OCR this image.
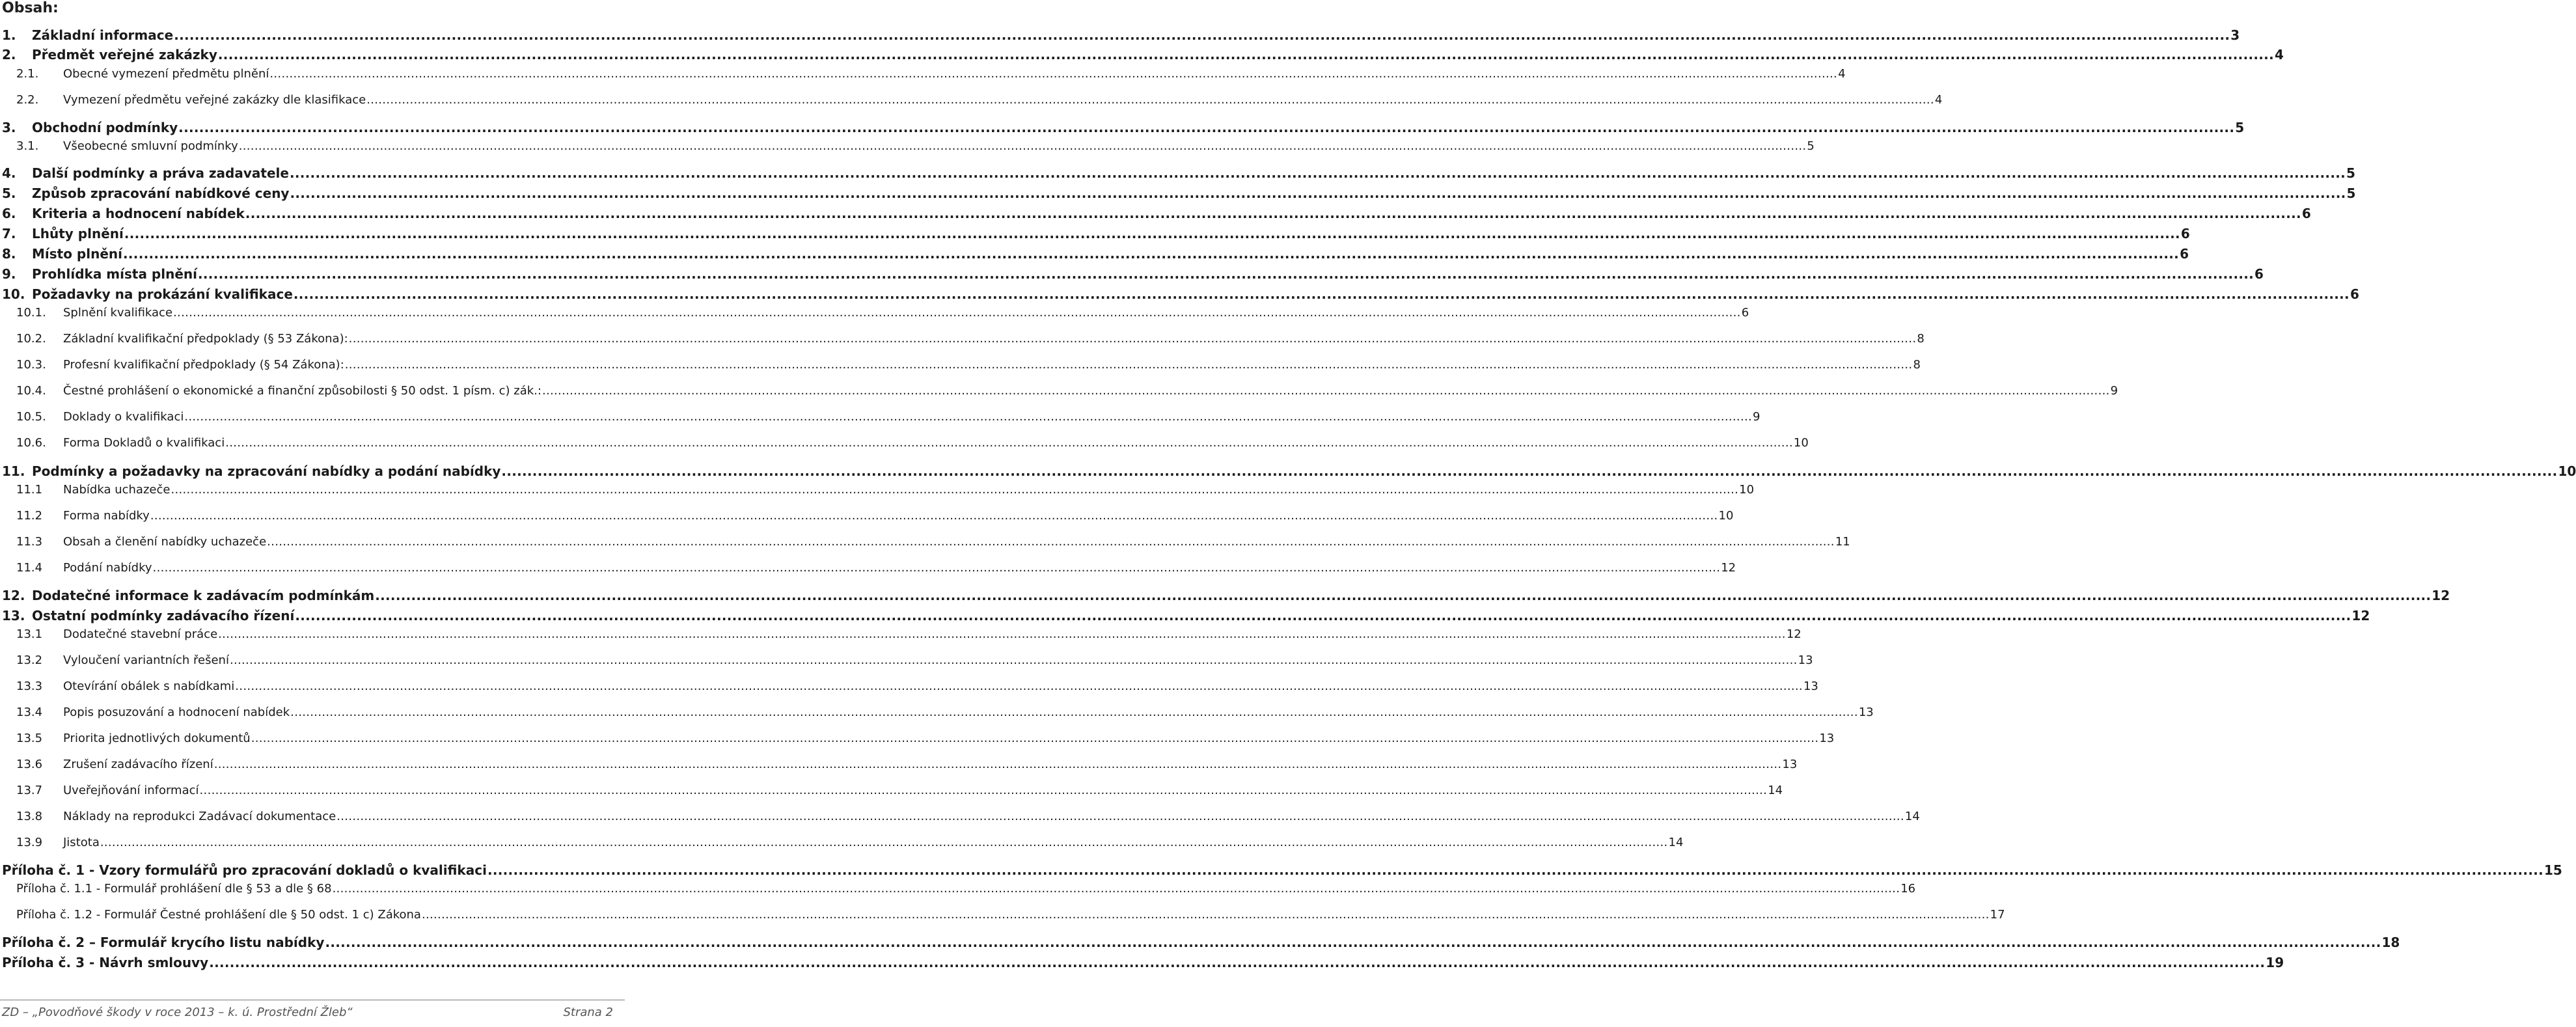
Obsah:
1.	Základní informace ................................................................................................................................................................................................................................................................................................................................................................................................................ 3
2.	Předmět veřejné zakázky ................................................................................................................................................................................................................................................................................................................................................................................................................ 4
2.1.	Obecné vymezení předmětu plnění ................................................................................................................................................................................................................................................................................................................................................................................................................ 4
2.2.	Vymezení předmětu veřejné zakázky dle klasifikace ................................................................................................................................................................................................................................................................................................................................................................................................................ 4
3.	Obchodní podmínky ................................................................................................................................................................................................................................................................................................................................................................................................................ 5
3.1.	Všeobecné smluvní podmínky ................................................................................................................................................................................................................................................................................................................................................................................................................ 5
4.	Další podmínky a práva zadavatele ................................................................................................................................................................................................................................................................................................................................................................................................................ 5
5.	Způsob zpracování nabídkové ceny ................................................................................................................................................................................................................................................................................................................................................................................................................ 5
6.	Kriteria a hodnocení nabídek ................................................................................................................................................................................................................................................................................................................................................................................................................ 6
7.	Lhůty plnění ................................................................................................................................................................................................................................................................................................................................................................................................................ 6
8.	Místo plnění ................................................................................................................................................................................................................................................................................................................................................................................................................ 6
9.	Prohlídka místa plnění ................................................................................................................................................................................................................................................................................................................................................................................................................ 6
10. Požadavky na prokázání kvalifikace ................................................................................................................................................................................................................................................................................................................................................................................................................ 6
10.1.	Splnění kvalifikace ................................................................................................................................................................................................................................................................................................................................................................................................................ 6
10.2.	Základní kvalifikační předpoklady (§ 53 Zákona): ................................................................................................................................................................................................................................................................................................................................................................................................................ 8
10.3.	Profesní kvalifikační předpoklady (§ 54 Zákona): ................................................................................................................................................................................................................................................................................................................................................................................................................ 8
10.4.	Čestné prohlášení o ekonomické a finanční způsobilosti § 50 odst. 1 písm. c) zák.: ................................................................................................................................................................................................................................................................................................................................................................................................................ 9
10.5.	Doklady o kvalifikaci ................................................................................................................................................................................................................................................................................................................................................................................................................ 9
10.6.	Forma Dokladů o kvalifikaci ................................................................................................................................................................................................................................................................................................................................................................................................................ 10
11. Podmínky a požadavky na zpracování nabídky a podání nabídky ................................................................................................................................................................................................................................................................................................................................................................................................................ 10
11.1	Nabídka uchazeče ................................................................................................................................................................................................................................................................................................................................................................................................................ 10
11.2	Forma nabídky ................................................................................................................................................................................................................................................................................................................................................................................................................ 10
11.3	Obsah a členění nabídky uchazeče ................................................................................................................................................................................................................................................................................................................................................................................................................ 11
11.4	Podání nabídky ................................................................................................................................................................................................................................................................................................................................................................................................................ 12
12. Dodatečné informace k zadávacím podmínkám ................................................................................................................................................................................................................................................................................................................................................................................................................ 12
13. Ostatní podmínky zadávacího řízení ................................................................................................................................................................................................................................................................................................................................................................................................................ 12
13.1	Dodatečné stavební práce ................................................................................................................................................................................................................................................................................................................................................................................................................ 12
13.2	Vyloučení variantních řešení ................................................................................................................................................................................................................................................................................................................................................................................................................ 13
13.3	Otevírání obálek s nabídkami ................................................................................................................................................................................................................................................................................................................................................................................................................ 13
13.4	Popis posuzování a hodnocení nabídek ................................................................................................................................................................................................................................................................................................................................................................................................................ 13
13.5	Priorita jednotlivých dokumentů ................................................................................................................................................................................................................................................................................................................................................................................................................ 13
13.6	Zrušení zadávacího řízení ................................................................................................................................................................................................................................................................................................................................................................................................................ 13
13.7	Uveřejňování informací ................................................................................................................................................................................................................................................................................................................................................................................................................ 14
13.8	Náklady na reprodukci Zadávací dokumentace ................................................................................................................................................................................................................................................................................................................................................................................................................ 14
13.9	Jistota ................................................................................................................................................................................................................................................................................................................................................................................................................ 14
Příloha č. 1 - Vzory formulářů pro zpracování dokladů o kvalifikaci ................................................................................................................................................................................................................................................................................................................................................................................................................ 15
Příloha č. 1.1 - Formulář prohlášení dle § 53 a dle § 68 ................................................................................................................................................................................................................................................................................................................................................................................................................ 16
Příloha č. 1.2 - Formulář Čestné prohlášení dle § 50 odst. 1 c) Zákona ................................................................................................................................................................................................................................................................................................................................................................................................................ 17
Příloha č. 2 – Formulář krycího listu nabídky ................................................................................................................................................................................................................................................................................................................................................................................................................ 18
Příloha č. 3 - Návrh smlouvy ................................................................................................................................................................................................................................................................................................................................................................................................................ 19
ZD – „Povodňové škody v roce 2013 – k. ú. Prostřední Žleb“	Strana 2
